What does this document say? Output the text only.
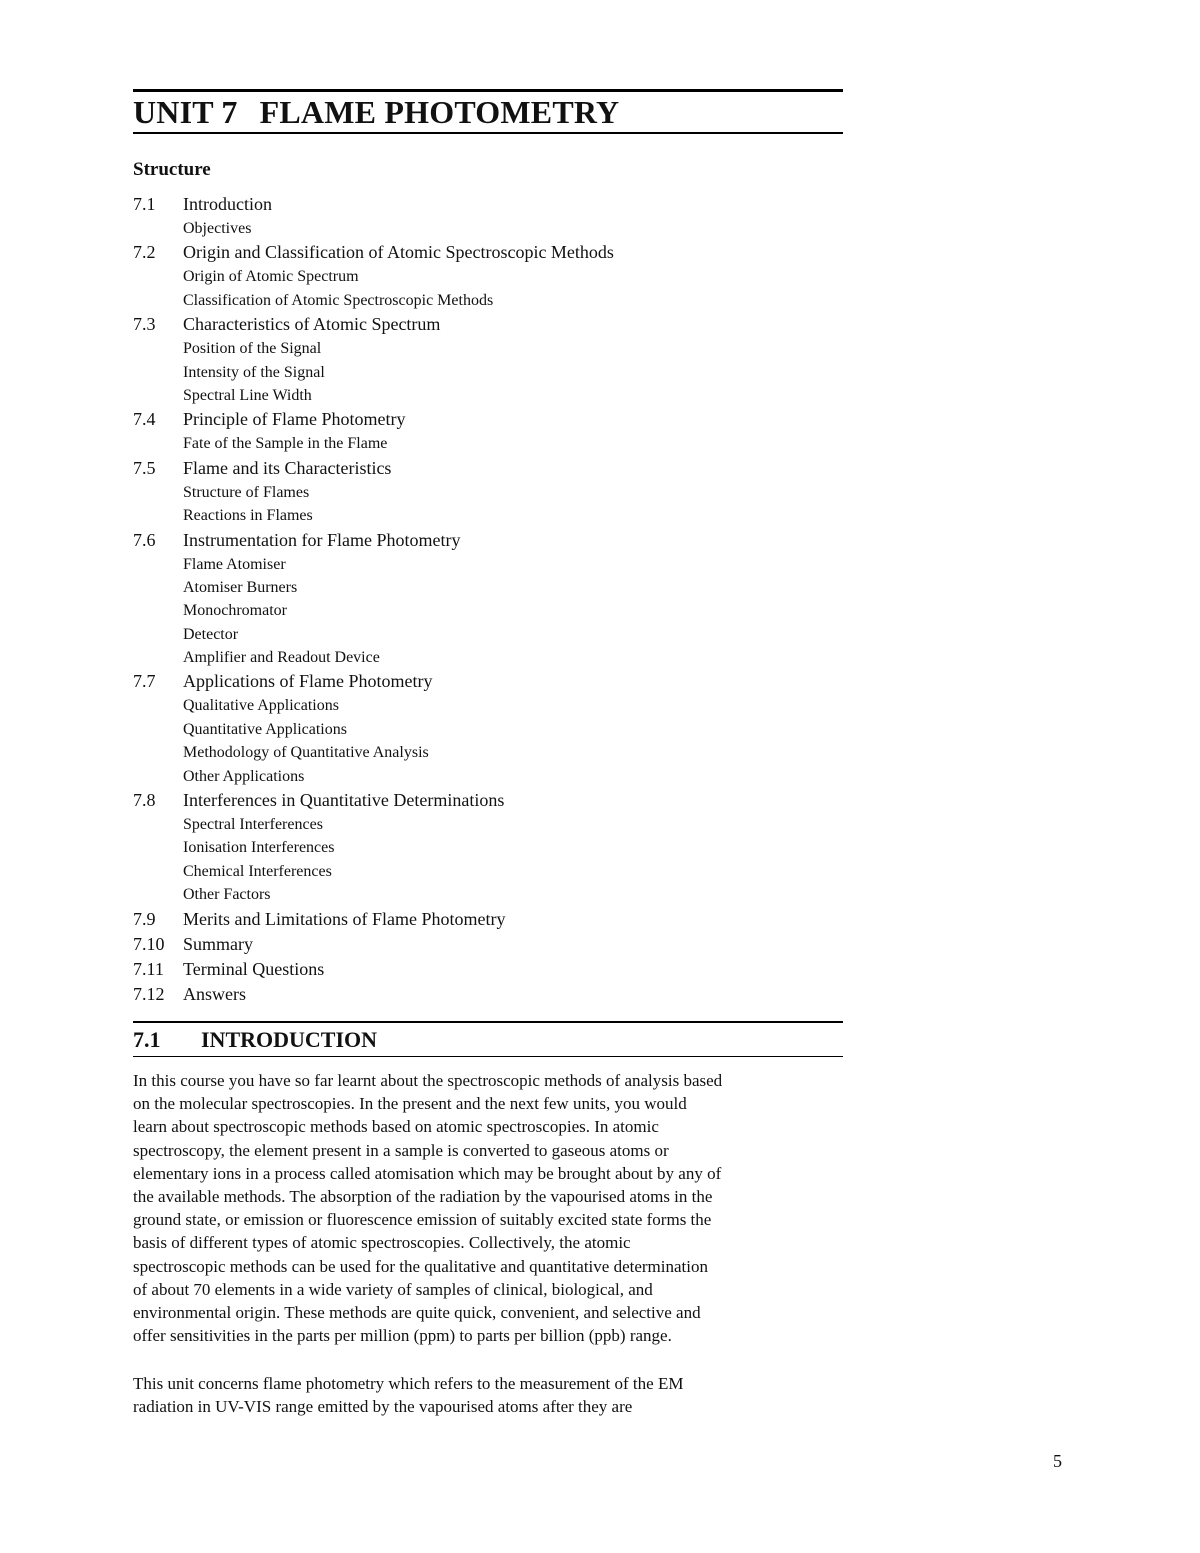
UNIT 7 FLAME PHOTOMETRY
Structure
7.1	Introduction
Objectives
7.2	Origin and Classification of Atomic Spectroscopic Methods
Origin of Atomic Spectrum
Classification of Atomic Spectroscopic Methods
7.3	Characteristics of Atomic Spectrum
Position of the Signal
Intensity of the Signal
Spectral Line Width
7.4	Principle of Flame Photometry
Fate of the Sample in the Flame
7.5	Flame and its Characteristics
Structure of Flames
Reactions in Flames
7.6	Instrumentation for Flame Photometry
Flame Atomiser
Atomiser Burners
Monochromator
Detector
Amplifier and Readout Device
7.7	Applications of Flame Photometry
Qualitative Applications
Quantitative Applications
Methodology of Quantitative Analysis
Other Applications
7.8	Interferences in Quantitative Determinations
Spectral Interferences
Ionisation Interferences
Chemical Interferences
Other Factors
7.9	Merits and Limitations of Flame Photometry
7.10	Summary
7.11	Terminal Questions
7.12	Answers
7.1 INTRODUCTION
In this course you have so far learnt about the spectroscopic methods of analysis based
on the molecular spectroscopies. In the present and the next few units, you would
learn about spectroscopic methods based on atomic spectroscopies. In atomic
spectroscopy, the element present in a sample is converted to gaseous atoms or
elementary ions in a process called atomisation which may be brought about by any of
the available methods. The absorption of the radiation by the vapourised atoms in the
ground state, or emission or fluorescence emission of suitably excited state forms the
basis of different types of atomic spectroscopies. Collectively, the atomic
spectroscopic methods can be used for the qualitative and quantitative determination
of about 70 elements in a wide variety of samples of clinical, biological, and
environmental origin. These methods are quite quick, convenient, and selective and
offer sensitivities in the parts per million (ppm) to parts per billion (ppb) range.
This unit concerns flame photometry which refers to the measurement of the EM
radiation in UV-VIS range emitted by the vapourised atoms after they are
5
